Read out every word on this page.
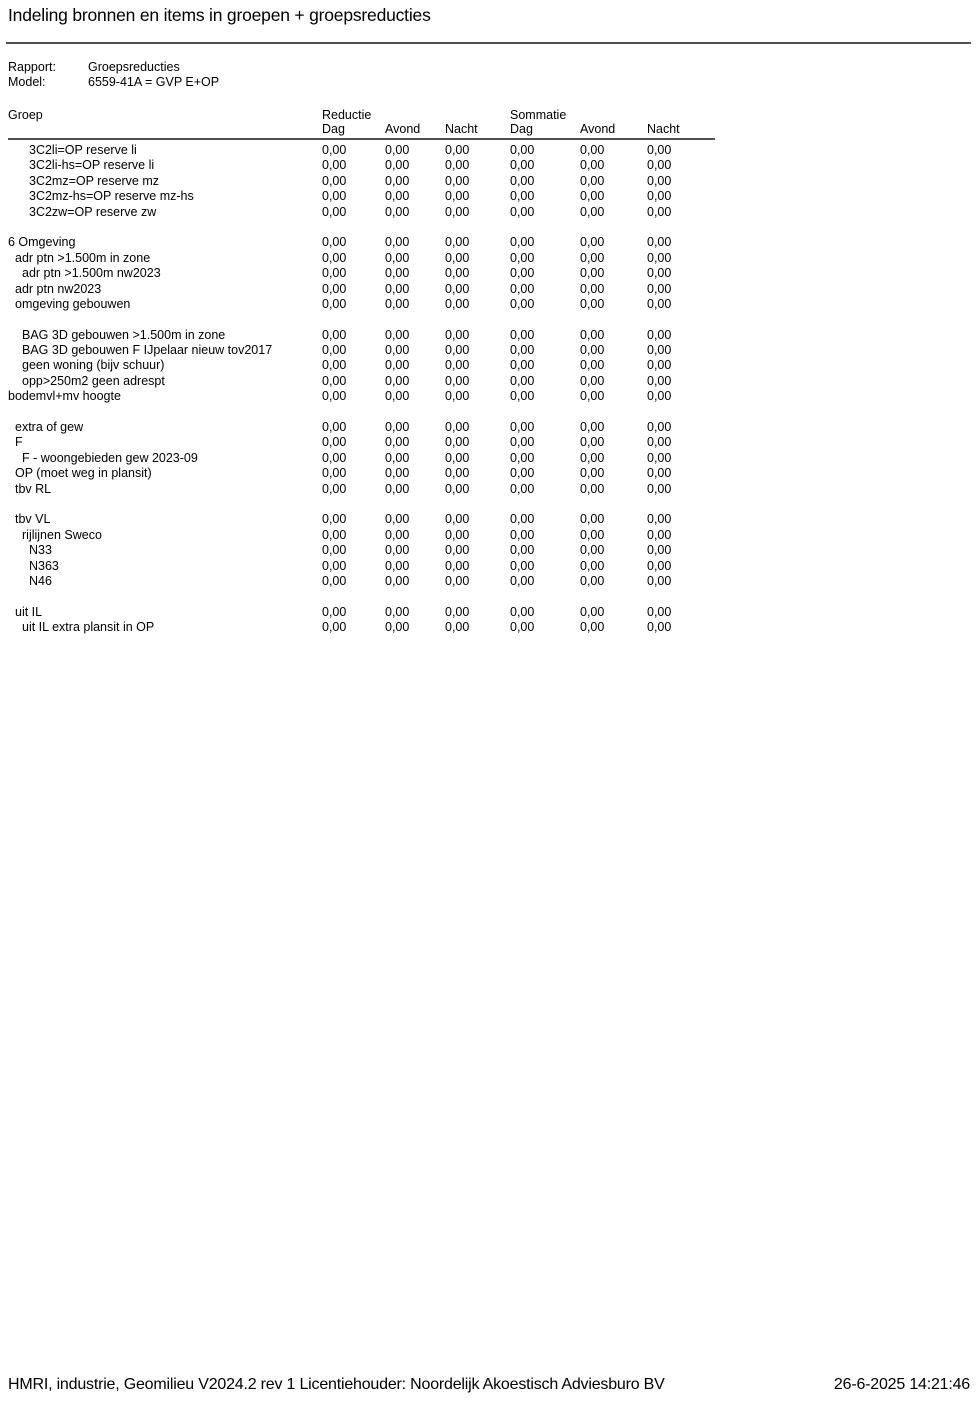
Indeling bronnen en items in groepen + groepsreducties
Rapport:	Groepsreducties
Model:	6559-41A = GVP E+OP
Groep	Reductie	Sommatie
Dag	Avond	Nacht	Dag	Avond	Nacht
3C2li=OP reserve li	0,00	0,00	0,00	0,00	0,00	0,00
3C2li-hs=OP reserve li	0,00	0,00	0,00	0,00	0,00	0,00
3C2mz=OP reserve mz	0,00	0,00	0,00	0,00	0,00	0,00
3C2mz-hs=OP reserve mz-hs	0,00	0,00	0,00	0,00	0,00	0,00
3C2zw=OP reserve zw	0,00	0,00	0,00	0,00	0,00	0,00
6 Omgeving	0,00	0,00	0,00	0,00	0,00	0,00
adr ptn >1.500m in zone	0,00	0,00	0,00	0,00	0,00	0,00
adr ptn >1.500m nw2023	0,00	0,00	0,00	0,00	0,00	0,00
adr ptn nw2023	0,00	0,00	0,00	0,00	0,00	0,00
omgeving gebouwen	0,00	0,00	0,00	0,00	0,00	0,00
BAG 3D gebouwen >1.500m in zone	0,00	0,00	0,00	0,00	0,00	0,00
BAG 3D gebouwen F IJpelaar nieuw tov2017	0,00	0,00	0,00	0,00	0,00	0,00
geen woning (bijv schuur)	0,00	0,00	0,00	0,00	0,00	0,00
opp>250m2 geen adrespt	0,00	0,00	0,00	0,00	0,00	0,00
bodemvl+mv hoogte	0,00	0,00	0,00	0,00	0,00	0,00
extra of gew	0,00	0,00	0,00	0,00	0,00	0,00
F	0,00	0,00	0,00	0,00	0,00	0,00
F - woongebieden gew 2023-09	0,00	0,00	0,00	0,00	0,00	0,00
OP (moet weg in plansit)	0,00	0,00	0,00	0,00	0,00	0,00
tbv RL	0,00	0,00	0,00	0,00	0,00	0,00
tbv VL	0,00	0,00	0,00	0,00	0,00	0,00
rijlijnen Sweco	0,00	0,00	0,00	0,00	0,00	0,00
N33	0,00	0,00	0,00	0,00	0,00	0,00
N363	0,00	0,00	0,00	0,00	0,00	0,00
N46	0,00	0,00	0,00	0,00	0,00	0,00
uit IL	0,00	0,00	0,00	0,00	0,00	0,00
uit IL extra plansit in OP	0,00	0,00	0,00	0,00	0,00	0,00
HMRI, industrie, Geomilieu V2024.2 rev 1 Licentiehouder: Noordelijk Akoestisch Adviesburo BV	26-6-2025 14:21:46
